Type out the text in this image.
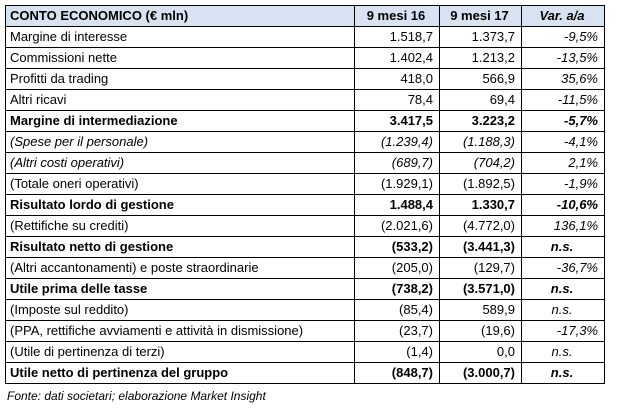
CONTO ECONOMICO (€ mln)	9 mesi 16	9 mesi 17	Var. a/a
Margine di interesse	1.518,7	1.373,7	-9,5%
Commissioni nette	1.402,4	1.213,2	-13,5%
Profitti da trading	418,0	566,9	35,6%
Altri ricavi	78,4	69,4	-11,5%
Margine di intermediazione	3.417,5	3.223,2	-5,7%
(Spese per il personale)	(1.239,4)	(1.188,3)	-4,1%
(Altri costi operativi)	(689,7)	(704,2)	2,1%
(Totale oneri operativi)	(1.929,1)	(1.892,5)	-1,9%
Risultato lordo di gestione	1.488,4	1.330,7	-10,6%
(Rettifiche su crediti)	(2.021,6)	(4.772,0)	136,1%
Risultato netto di gestione	(533,2)	(3.441,3)	n.s.
(Altri accantonamenti) e poste straordinarie	(205,0)	(129,7)	-36,7%
Utile prima delle tasse	(738,2)	(3.571,0)	n.s.
(Imposte sul reddito)	(85,4)	589,9	n.s.
(PPA, rettifiche avviamenti e attività in dismissione)	(23,7)	(19,6)	-17,3%
(Utile di pertinenza di terzi)	(1,4)	0,0	n.s.
Utile netto di pertinenza del gruppo	(848,7)	(3.000,7)	n.s.
Fonte: dati societari; elaborazione Market Insight
